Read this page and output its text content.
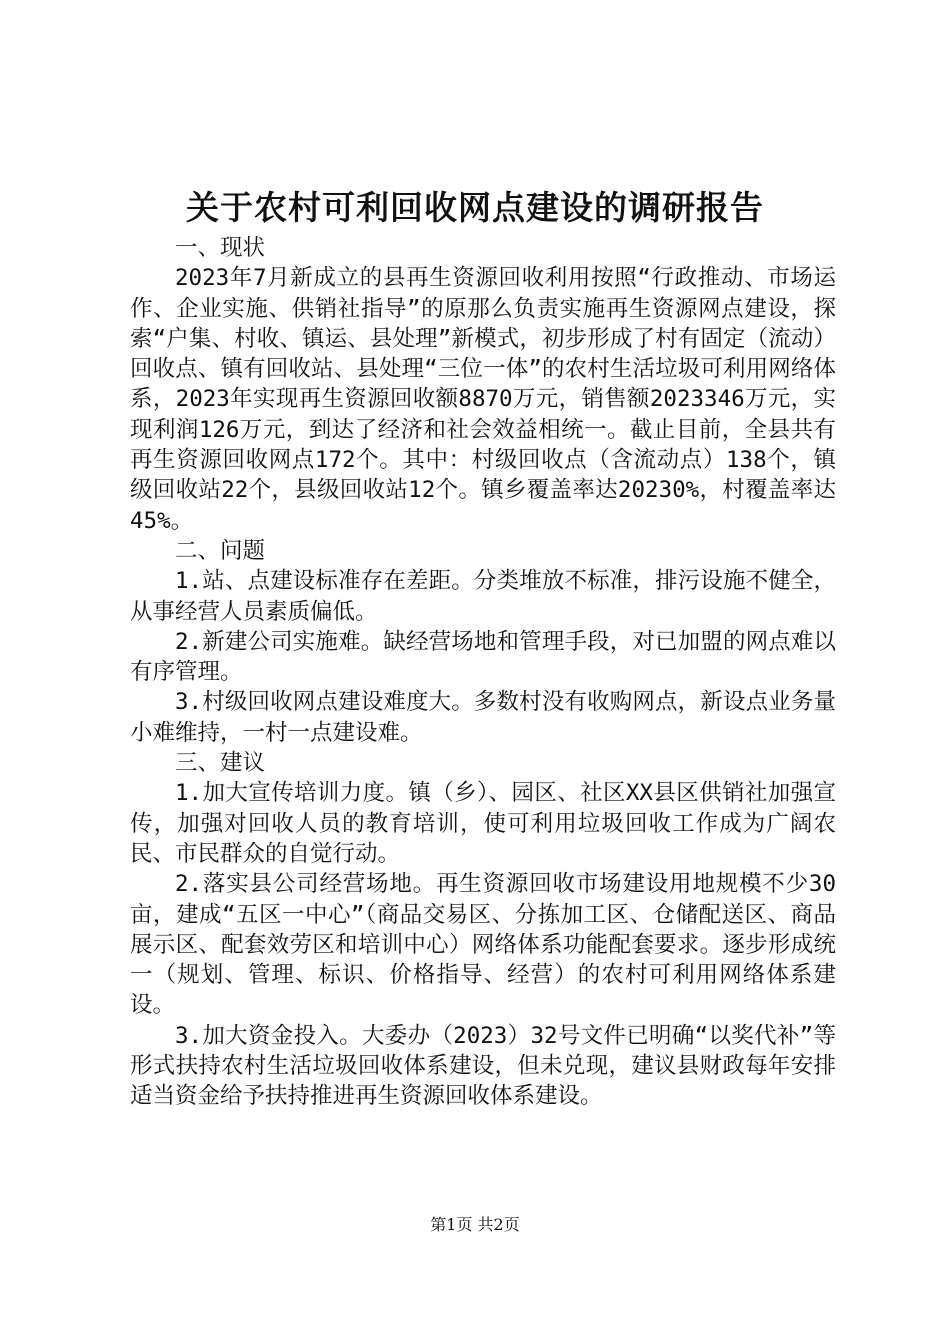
关于农村可利回收网点建设的调研报告

一、现状

2023年7月新成立的县再生资源回收利用按照“行政推动、市场运作、企业实施、供销社指导”的原那么负责实施再生资源网点建设，探索“户集、村收、镇运、县处理”新模式，初步形成了村有固定（流动）回收点、镇有回收站、县处理“三位一体”的农村生活垃圾可利用网络体系，2023年实现再生资源回收额8870万元，销售额2023346万元，实现利润126万元，到达了经济和社会效益相统一。截止目前，全县共有再生资源回收网点172个。其中：村级回收点（含流动点）138个，镇级回收站22个，县级回收站12个。镇乡覆盖率达20230%，村覆盖率达45%。

二、问题

1.站、点建设标准存在差距。分类堆放不标准，排污设施不健全，从事经营人员素质偏低。

2.新建公司实施难。缺经营场地和管理手段，对已加盟的网点难以有序管理。

3.村级回收网点建设难度大。多数村没有收购网点，新设点业务量小难维持，一村一点建设难。

三、建议

1.加大宣传培训力度。镇（乡）、园区、社区XX县区供销社加强宣传，加强对回收人员的教育培训，使可利用垃圾回收工作成为广阔农民、市民群众的自觉行动。

2.落实县公司经营场地。再生资源回收市场建设用地规模不少30亩，建成“五区一中心”（商品交易区、分拣加工区、仓储配送区、商品展示区、配套效劳区和培训中心）网络体系功能配套要求。逐步形成统一（规划、管理、标识、价格指导、经营）的农村可利用网络体系建设。

3.加大资金投入。大委办（2023）32号文件已明确“以奖代补”等形式扶持农村生活垃圾回收体系建设，但未兑现，建议县财政每年安排适当资金给予扶持推进再生资源回收体系建设。

第1页 共2页
